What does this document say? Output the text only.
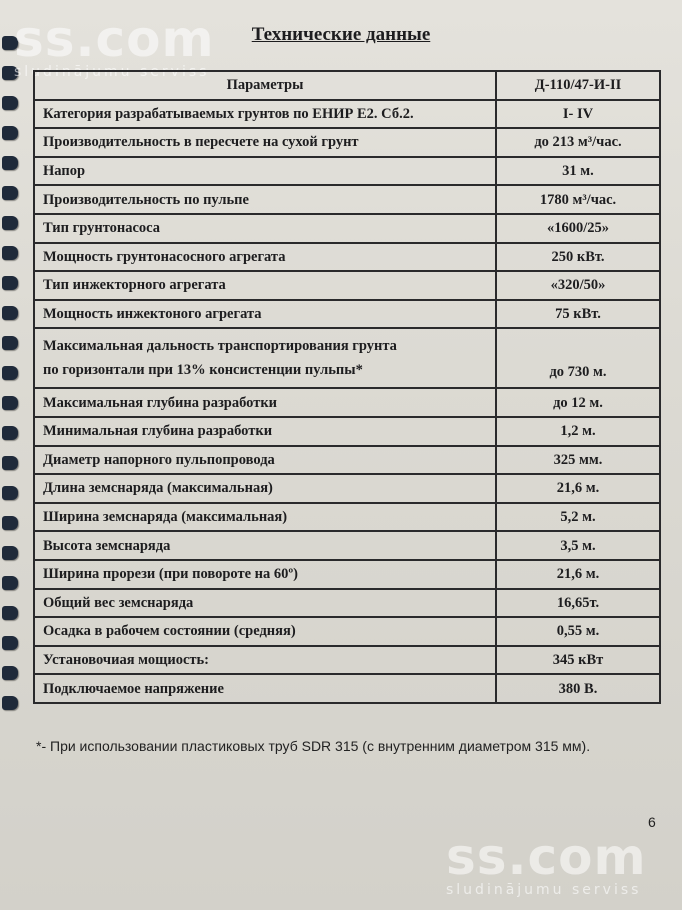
ss.com
sludinājumu serviss
Технические данные
Параметры	Д-110/47-И-II
Категория разрабатываемых грунтов по ЕНИР Е2. Сб.2.	I- IV
Производительность в пересчете на сухой грунт	до 213 м³/час.
Напор	31 м.
Производительность по пульпе	1780 м³/час.
Тип грунтонасоса	«1600/25»
Мощность грунтонасосного агрегата	250 кВт.
Тип инжекторного агрегата	«320/50»
Мощность инжектоного агрегата	75 кВт.

Максимальная дальность транспортирования грунта
по горизонтали при 13% консистенции пульпы*	до 730 м.
Максимальная глубина разработки	до 12 м.
Минимальная глубина разработки	1,2 м.
Диаметр напорного пульпопровода	325 мм.
Длина земснаряда (максимальная)	21,6 м.
Ширина земснаряда (максимальная)	5,2 м.
Высота земснаряда	3,5 м.
Ширина прорези (при повороте на 60º)	21,6 м.
Общий вес земснаряда	16,65т.
Осадка в рабочем состоянии (средняя)	0,55 м.
Установочиая мощиость:	345 кВт
Подключаемое напряжение	380 В.
*- При использовании пластиковых труб SDR 315 (с внутренним диаметром 315 мм).
6
ss.com
sludinājumu serviss
